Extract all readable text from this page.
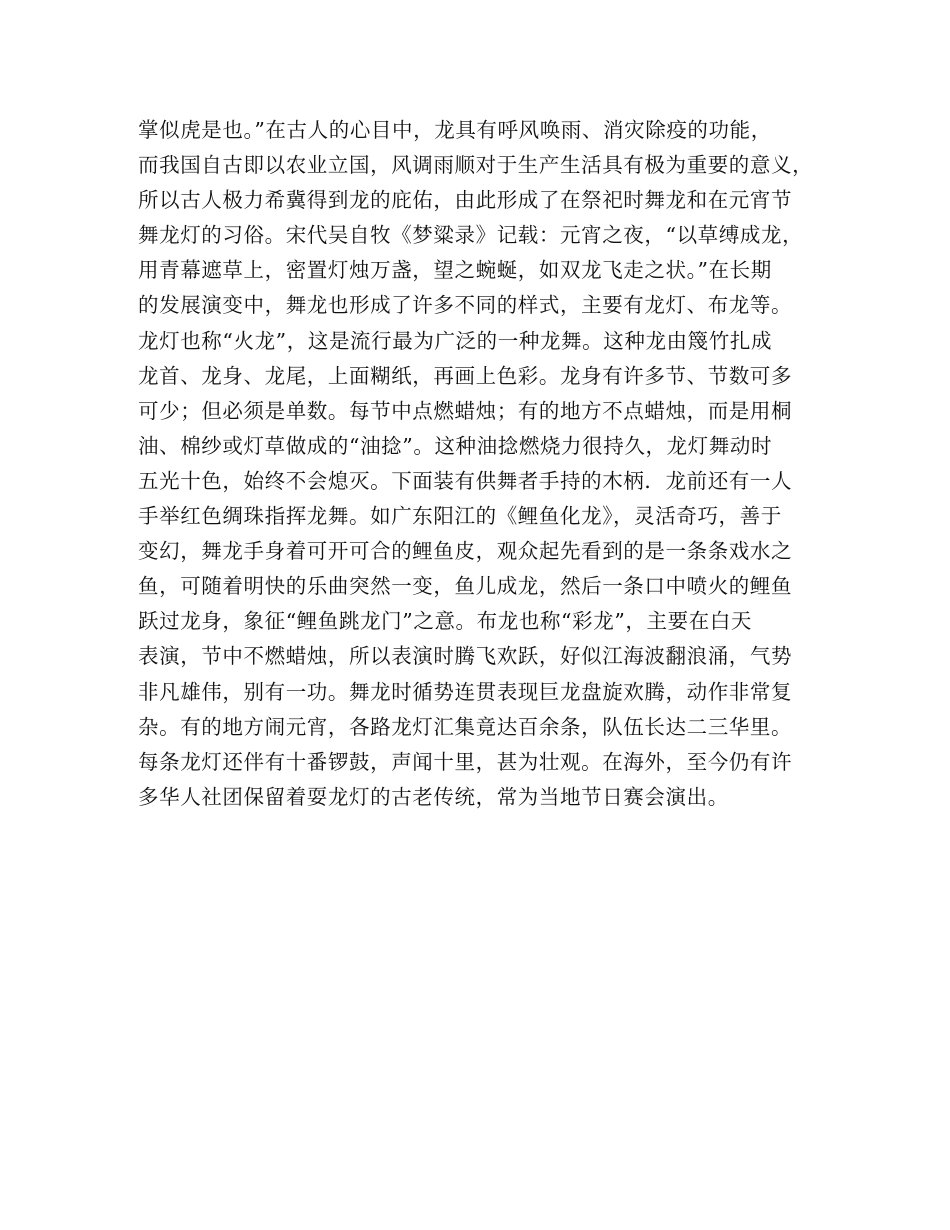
掌似虎是也。”在古人的心目中，龙具有呼风唤雨、消灾除疫的功能，
而我国自古即以农业立国，风调雨顺对于生产生活具有极为重要的意义，
所以古人极力希冀得到龙的庇佑，由此形成了在祭祀时舞龙和在元宵节
舞龙灯的习俗。宋代吴自牧《梦粱录》记载：元宵之夜，“以草缚成龙，
用青幕遮草上，密置灯烛万盏，望之蜿蜒，如双龙飞走之状。”在长期
的发展演变中，舞龙也形成了许多不同的样式，主要有龙灯、布龙等。
龙灯也称“火龙”，这是流行最为广泛的一种龙舞。这种龙由篾竹扎成
龙首、龙身、龙尾，上面糊纸，再画上色彩。龙身有许多节、节数可多
可少；但必须是单数。每节中点燃蜡烛；有的地方不点蜡烛，而是用桐
油、棉纱或灯草做成的“油捻”。这种油捻燃烧力很持久，龙灯舞动时
五光十色，始终不会熄灭。下面装有供舞者手持的木柄．龙前还有一人
手举红色绸珠指挥龙舞。如广东阳江的《鲤鱼化龙》，灵活奇巧，善于
变幻，舞龙手身着可开可合的鲤鱼皮，观众起先看到的是一条条戏水之
鱼，可随着明快的乐曲突然一变，鱼儿成龙，然后一条口中喷火的鲤鱼
跃过龙身，象征“鲤鱼跳龙门”之意。布龙也称“彩龙”，主要在白天
表演，节中不燃蜡烛，所以表演时腾飞欢跃，好似江海波翻浪涌，气势
非凡雄伟，别有一功。舞龙时循势连贯表现巨龙盘旋欢腾，动作非常复
杂。有的地方闹元宵，各路龙灯汇集竟达百余条，队伍长达二三华里。
每条龙灯还伴有十番锣鼓，声闻十里，甚为壮观。在海外，至今仍有许
多华人社团保留着耍龙灯的古老传统，常为当地节日赛会演出。
